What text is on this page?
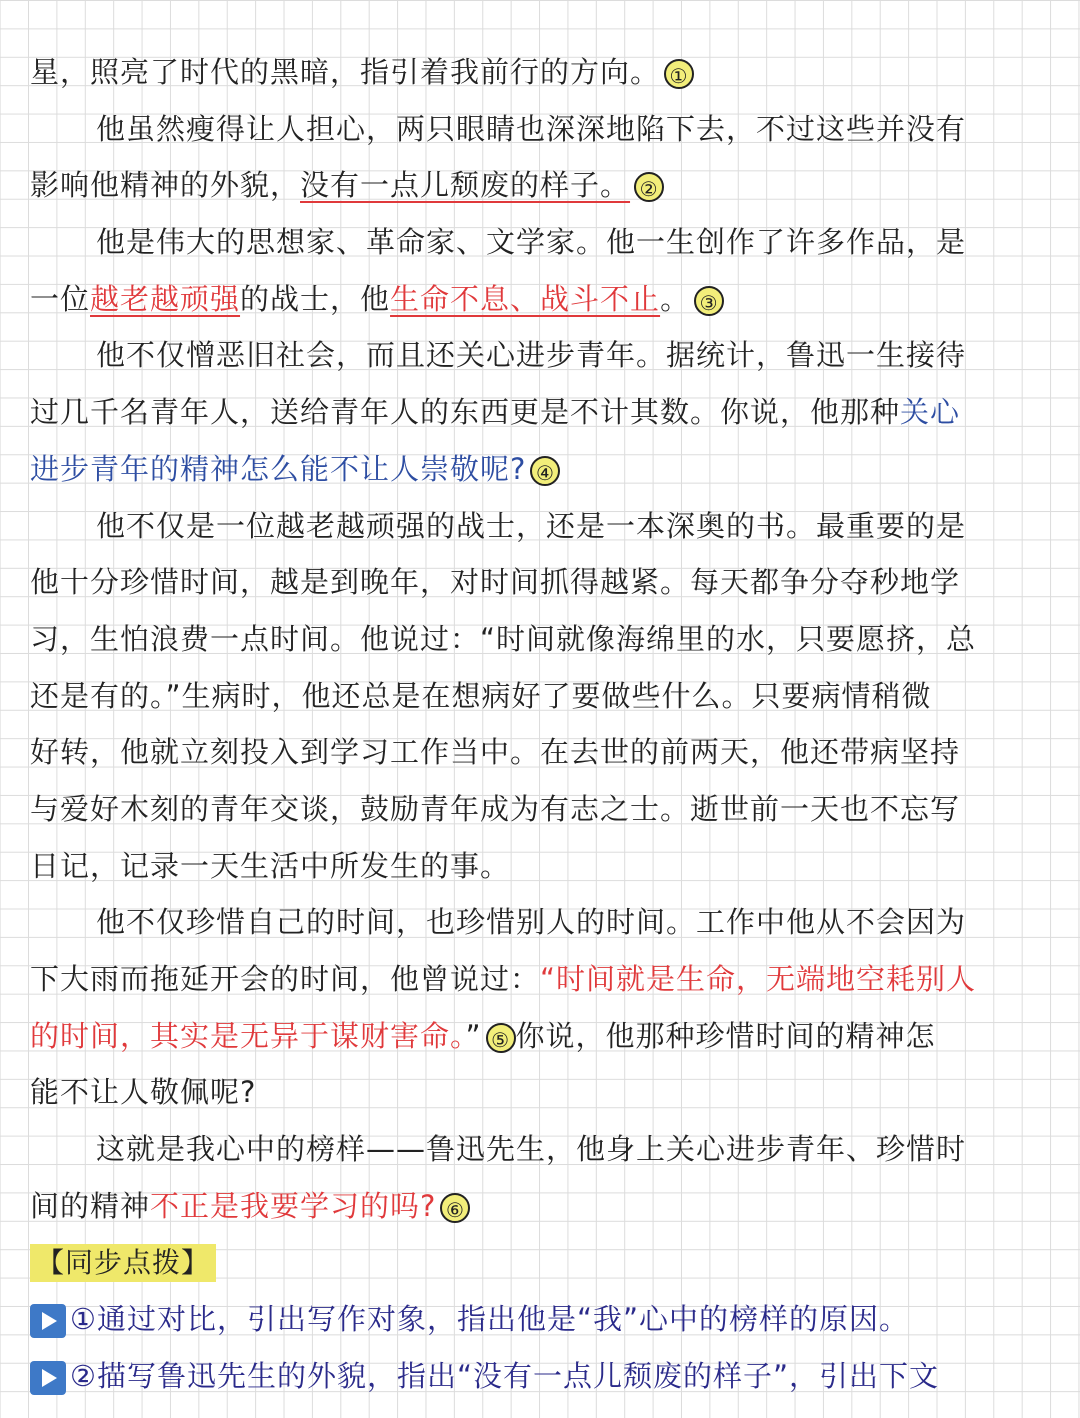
星，照亮了时代的黑暗，指引着我前行的方向。 ①
他虽然瘦得让人担心，两只眼睛也深深地陷下去，不过这些并没有
影响他精神的外貌，没有一点儿颓废的样子。 ②
他是伟大的思想家、革命家、文学家。他一生创作了许多作品，是
一位越老越顽强的战士，他生命不息、战斗不止。 ③
他不仅憎恶旧社会，而且还关心进步青年。据统计，鲁迅一生接待
过几千名青年人，送给青年人的东西更是不计其数。你说，他那种关心
进步青年的精神怎么能不让人崇敬呢? ④
他不仅是一位越老越顽强的战士，还是一本深奥的书。最重要的是
他十分珍惜时间，越是到晚年，对时间抓得越紧。每天都争分夺秒地学
习，生怕浪费一点时间。他说过：“时间就像海绵里的水，只要愿挤，总
还是有的。”生病时，他还总是在想病好了要做些什么。只要病情稍微
好转，他就立刻投入到学习工作当中。在去世的前两天，他还带病坚持
与爱好木刻的青年交谈，鼓励青年成为有志之士。逝世前一天也不忘写
日记，记录一天生活中所发生的事。
他不仅珍惜自己的时间，也珍惜别人的时间。工作中他从不会因为
下大雨而拖延开会的时间，他曾说过：“时间就是生命，无端地空耗别人
的时间，其实是无异于谋财害命。” ⑤ 你说，他那种珍惜时间的精神怎
能不让人敬佩呢?
这就是我心中的榜样——鲁迅先生，他身上关心进步青年、珍惜时
间的精神不正是我要学习的吗? ⑥
【同步点拨】
①通过对比，引出写作对象，指出他是“我”心中的榜样的原因。
②描写鲁迅先生的外貌，指出“没有一点儿颓废的样子”，引出下文
